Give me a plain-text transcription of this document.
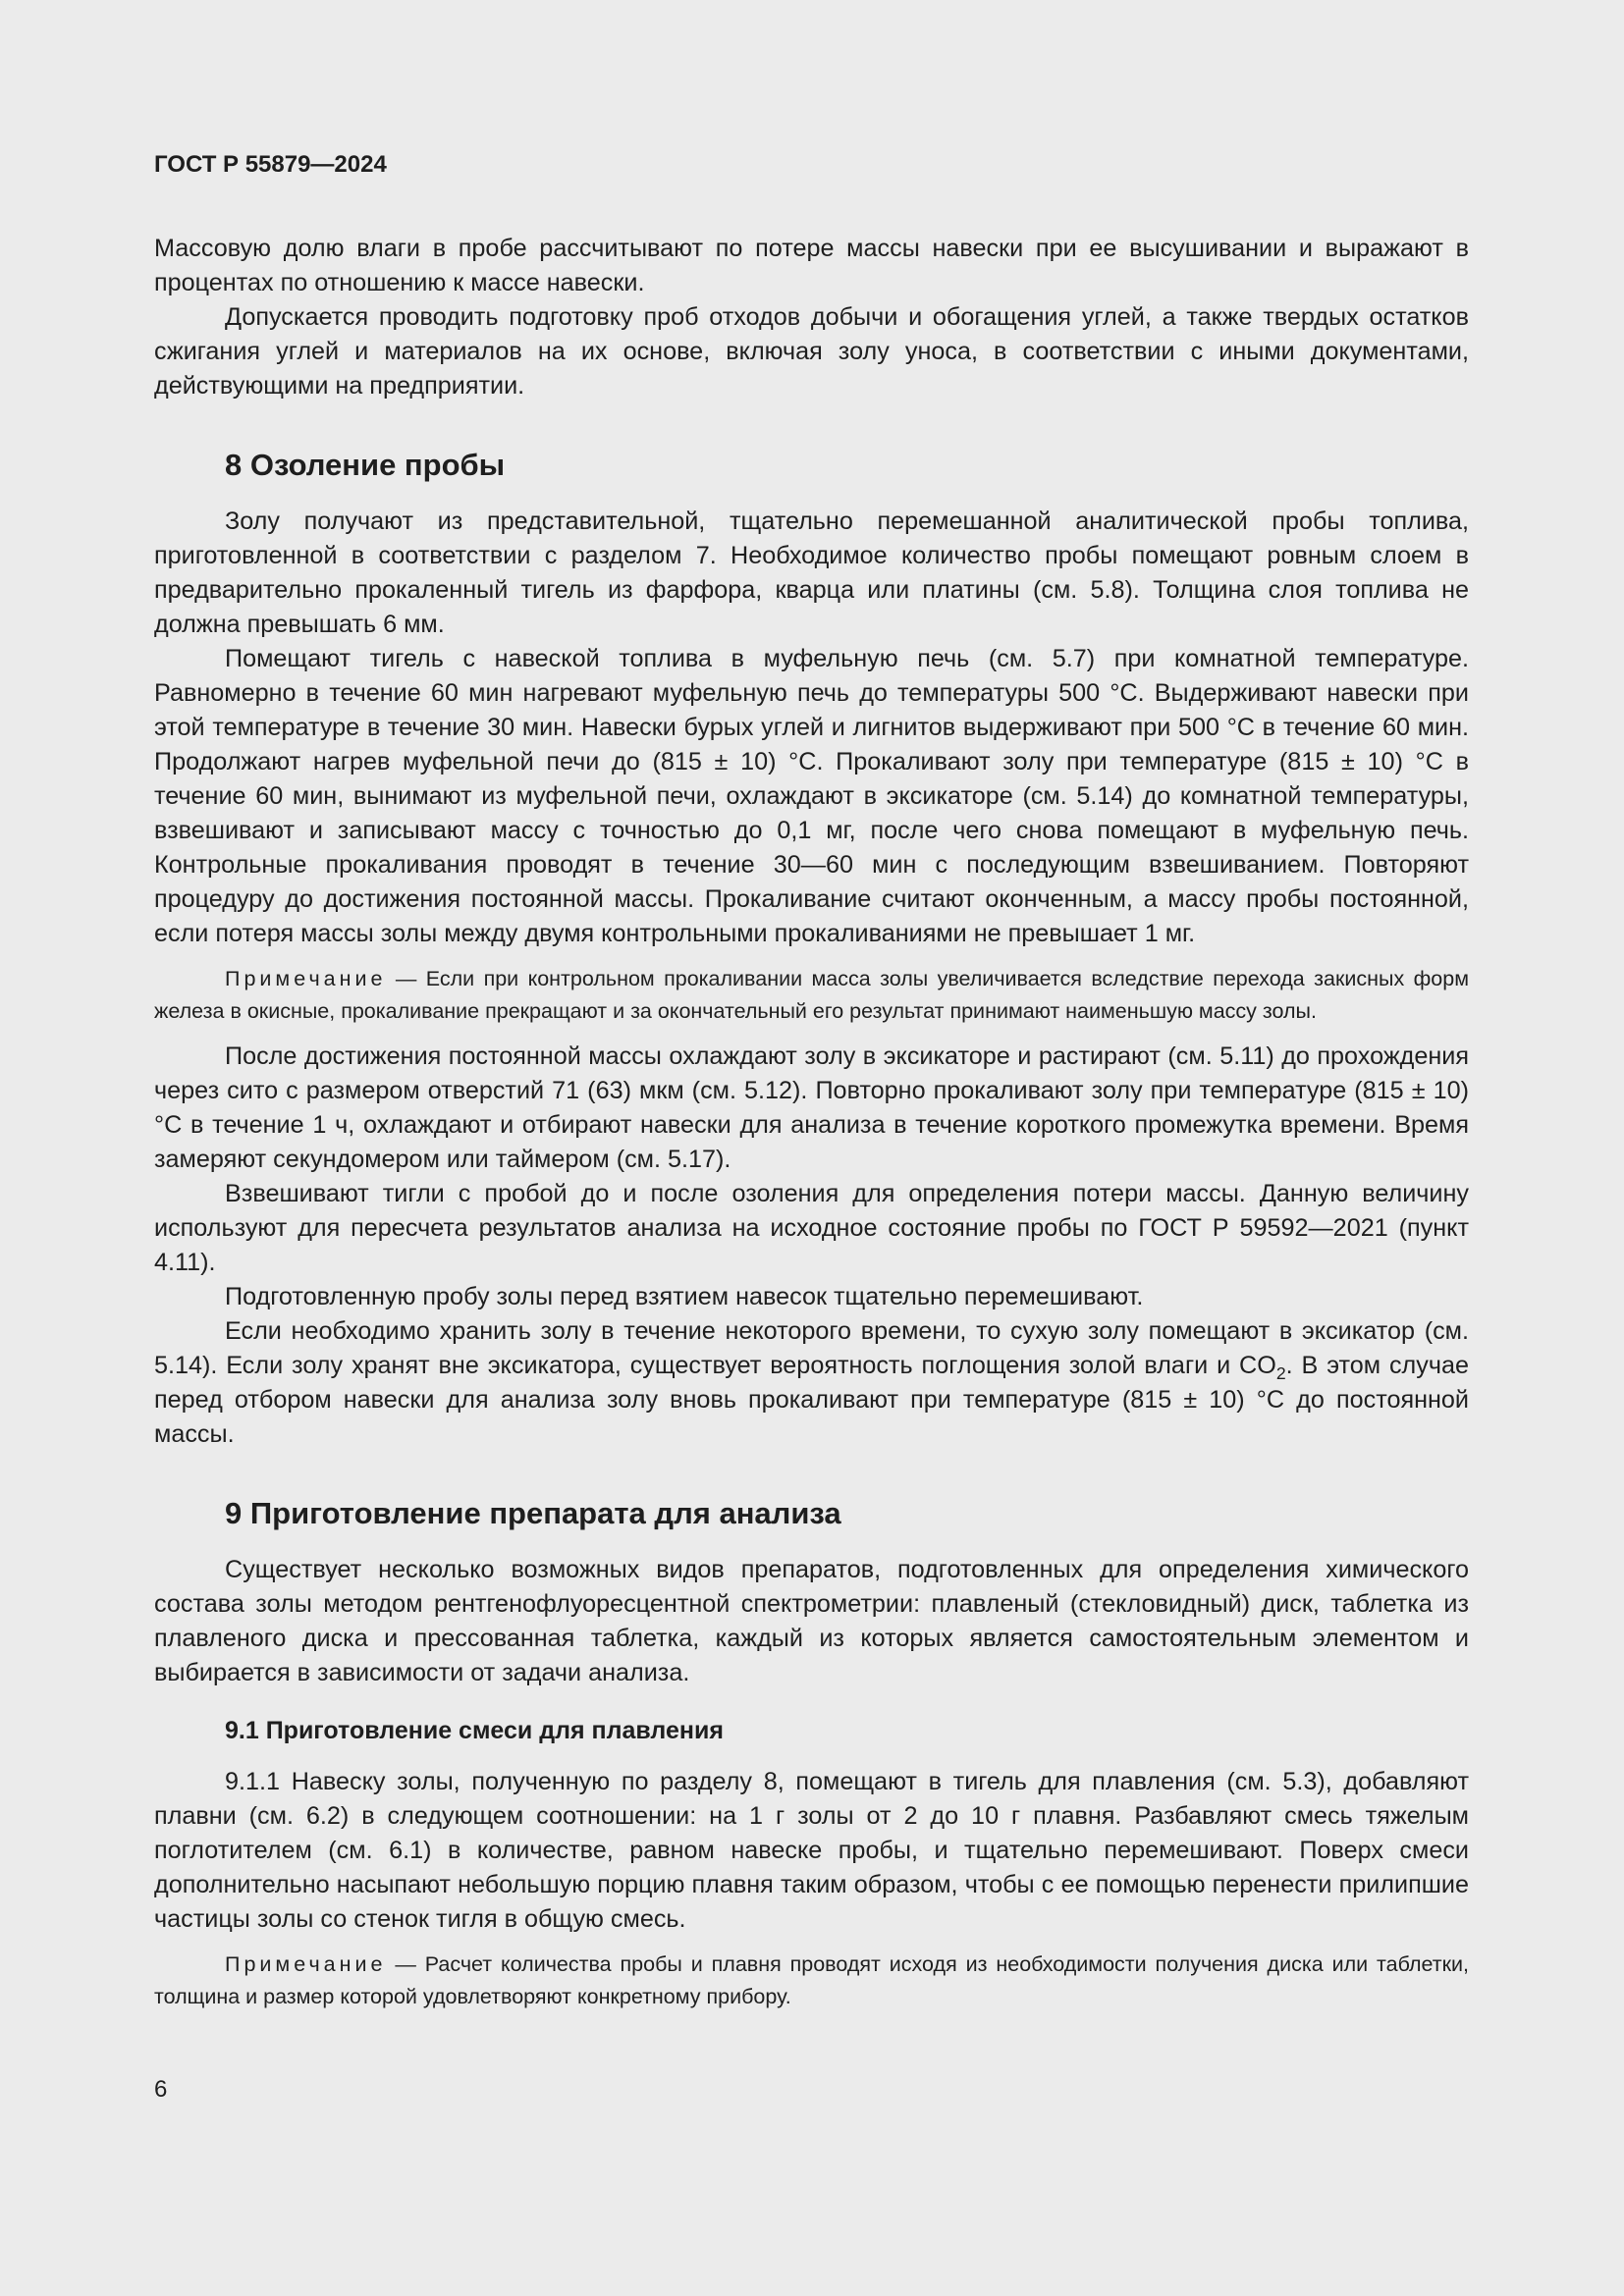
ГОСТ Р 55879—2024

Массовую долю влаги в пробе рассчитывают по потере массы навески при ее высушивании и выражают в процентах по отношению к массе навески.

Допускается проводить подготовку проб отходов добычи и обогащения углей, а также твердых остатков сжигания углей и материалов на их основе, включая золу уноса, в соответствии с иными документами, действующими на предприятии.

8 Озоление пробы

Золу получают из представительной, тщательно перемешанной аналитической пробы топлива, приготовленной в соответствии с разделом 7. Необходимое количество пробы помещают ровным слоем в предварительно прокаленный тигель из фарфора, кварца или платины (см. 5.8). Толщина слоя топлива не должна превышать 6 мм.

Помещают тигель с навеской топлива в муфельную печь (см. 5.7) при комнатной температуре. Равномерно в течение 60 мин нагревают муфельную печь до температуры 500 °С. Выдерживают навески при этой температуре в течение 30 мин. Навески бурых углей и лигнитов выдерживают при 500 °С в течение 60 мин. Продолжают нагрев муфельной печи до (815 ± 10) °С. Прокаливают золу при температуре (815 ± 10) °С в течение 60 мин, вынимают из муфельной печи, охлаждают в эксикаторе (см. 5.14) до комнатной температуры, взвешивают и записывают массу с точностью до 0,1 мг, после чего снова помещают в муфельную печь. Контрольные прокаливания проводят в течение 30—60 мин с последующим взвешиванием. Повторяют процедуру до достижения постоянной массы. Прокаливание считают оконченным, а массу пробы постоянной, если потеря массы золы между двумя контрольными прокаливаниями не превышает 1 мг.

Примечание — Если при контрольном прокаливании масса золы увеличивается вследствие перехода закисных форм железа в окисные, прокаливание прекращают и за окончательный его результат принимают наименьшую массу золы.

После достижения постоянной массы охлаждают золу в эксикаторе и растирают (см. 5.11) до прохождения через сито с размером отверстий 71 (63) мкм (см. 5.12). Повторно прокаливают золу при температуре (815 ± 10) °С в течение 1 ч, охлаждают и отбирают навески для анализа в течение короткого промежутка времени. Время замеряют секундомером или таймером (см. 5.17).

Взвешивают тигли с пробой до и после озоления для определения потери массы. Данную величину используют для пересчета результатов анализа на исходное состояние пробы по ГОСТ Р 59592—2021 (пункт 4.11).

Подготовленную пробу золы перед взятием навесок тщательно перемешивают.

Если необходимо хранить золу в течение некоторого времени, то сухую золу помещают в эксикатор (см. 5.14). Если золу хранят вне эксикатора, существует вероятность поглощения золой влаги и $CO_2$. В этом случае перед отбором навески для анализа золу вновь прокаливают при температуре (815 ± 10) °С до постоянной массы.

9 Приготовление препарата для анализа

Существует несколько возможных видов препаратов, подготовленных для определения химического состава золы методом рентгенофлуоресцентной спектрометрии: плавленый (стекловидный) диск, таблетка из плавленого диска и прессованная таблетка, каждый из которых является самостоятельным элементом и выбирается в зависимости от задачи анализа.

9.1 Приготовление смеси для плавления

9.1.1 Навеску золы, полученную по разделу 8, помещают в тигель для плавления (см. 5.3), добавляют плавни (см. 6.2) в следующем соотношении: на 1 г золы от 2 до 10 г плавня. Разбавляют смесь тяжелым поглотителем (см. 6.1) в количестве, равном навеске пробы, и тщательно перемешивают. Поверх смеси дополнительно насыпают небольшую порцию плавня таким образом, чтобы с ее помощью перенести прилипшие частицы золы со стенок тигля в общую смесь.

Примечание — Расчет количества пробы и плавня проводят исходя из необходимости получения диска или таблетки, толщина и размер которой удовлетворяют конкретному прибору.
6
